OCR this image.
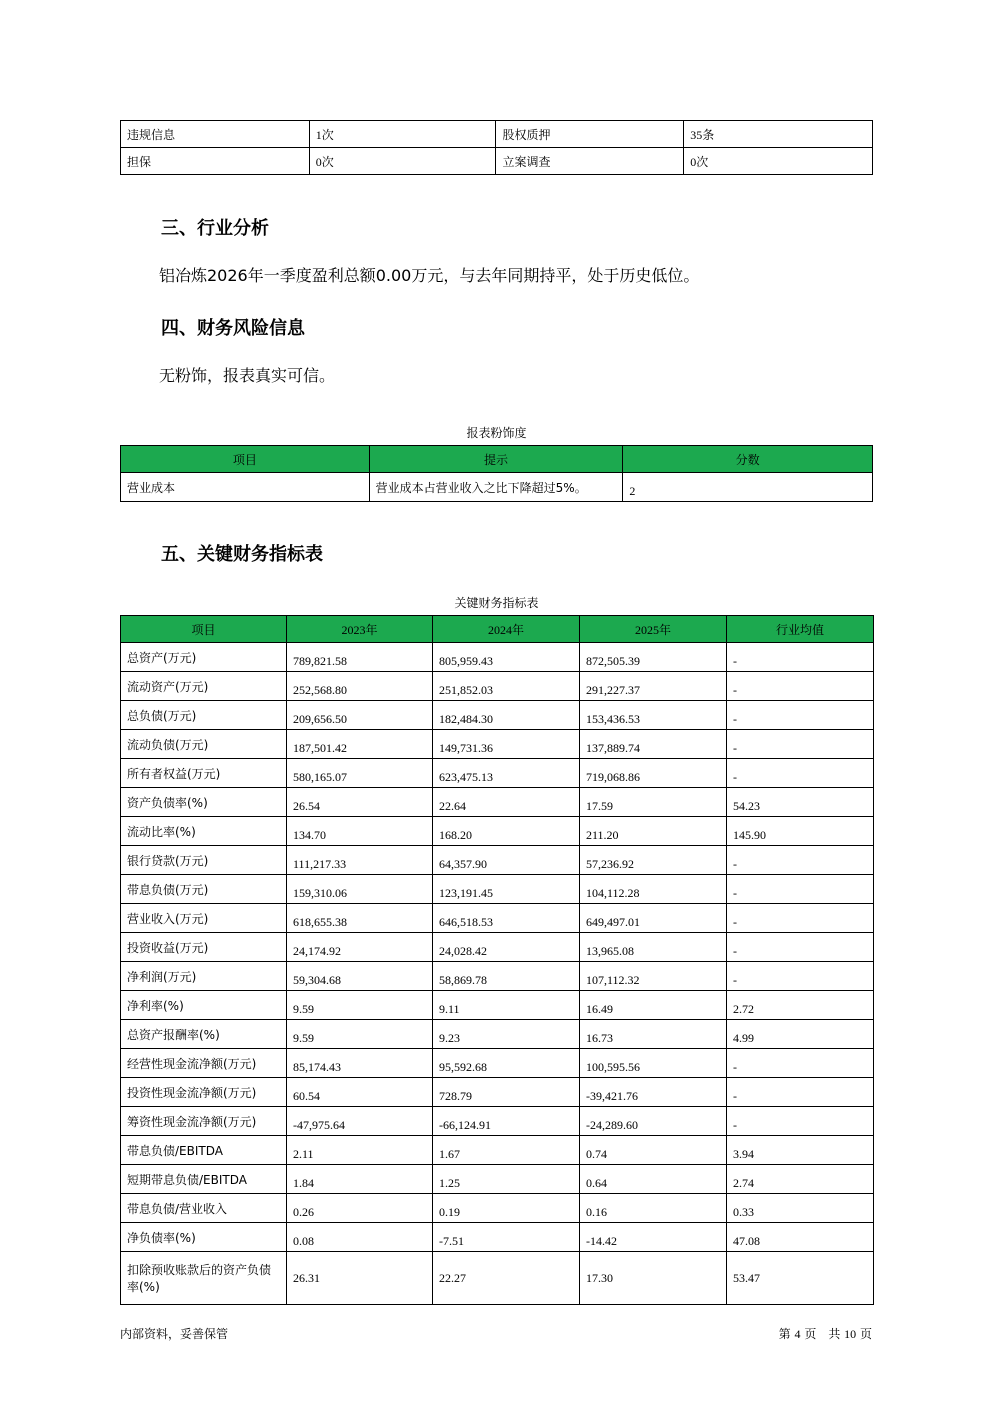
违规信息	1次	股权质押	35条
担保	0次	立案调查	0次
三、行业分析

铝冶炼2026年一季度盈利总额0.00万元，与去年同期持平，处于历史低位。

四、财务风险信息

无粉饰，报表真实可信。

报表粉饰度
项目	提示	分数
营业成本	营业成本占营业收入之比下降超过5%。	2
五、关键财务指标表
关键财务指标表
项目	2023年	2024年	2025年	行业均值
总资产(万元)	789,821.58	805,959.43	872,505.39	-
流动资产(万元)	252,568.80	251,852.03	291,227.37	-
总负债(万元)	209,656.50	182,484.30	153,436.53	-
流动负债(万元)	187,501.42	149,731.36	137,889.74	-
所有者权益(万元)	580,165.07	623,475.13	719,068.86	-
资产负债率(%)	26.54	22.64	17.59	54.23
流动比率(%)	134.70	168.20	211.20	145.90
银行贷款(万元)	111,217.33	64,357.90	57,236.92	-
带息负债(万元)	159,310.06	123,191.45	104,112.28	-
营业收入(万元)	618,655.38	646,518.53	649,497.01	-
投资收益(万元)	24,174.92	24,028.42	13,965.08	-
净利润(万元)	59,304.68	58,869.78	107,112.32	-
净利率(%)	9.59	9.11	16.49	2.72
总资产报酬率(%)	9.59	9.23	16.73	4.99
经营性现金流净额(万元)	85,174.43	95,592.68	100,595.56	-
投资性现金流净额(万元)	60.54	728.79	-39,421.76	-
筹资性现金流净额(万元)	-47,975.64	-66,124.91	-24,289.60	-
带息负债/EBITDA	2.11	1.67	0.74	3.94
短期带息负债/EBITDA	1.84	1.25	0.64	2.74
带息负债/营业收入	0.26	0.19	0.16	0.33
净负债率(%)	0.08	-7.51	-14.42	47.08
扣除预收账款后的资产负债率(%)	26.31	22.27	17.30	53.47
内部资料，妥善保管	第 4 页　共 10 页
